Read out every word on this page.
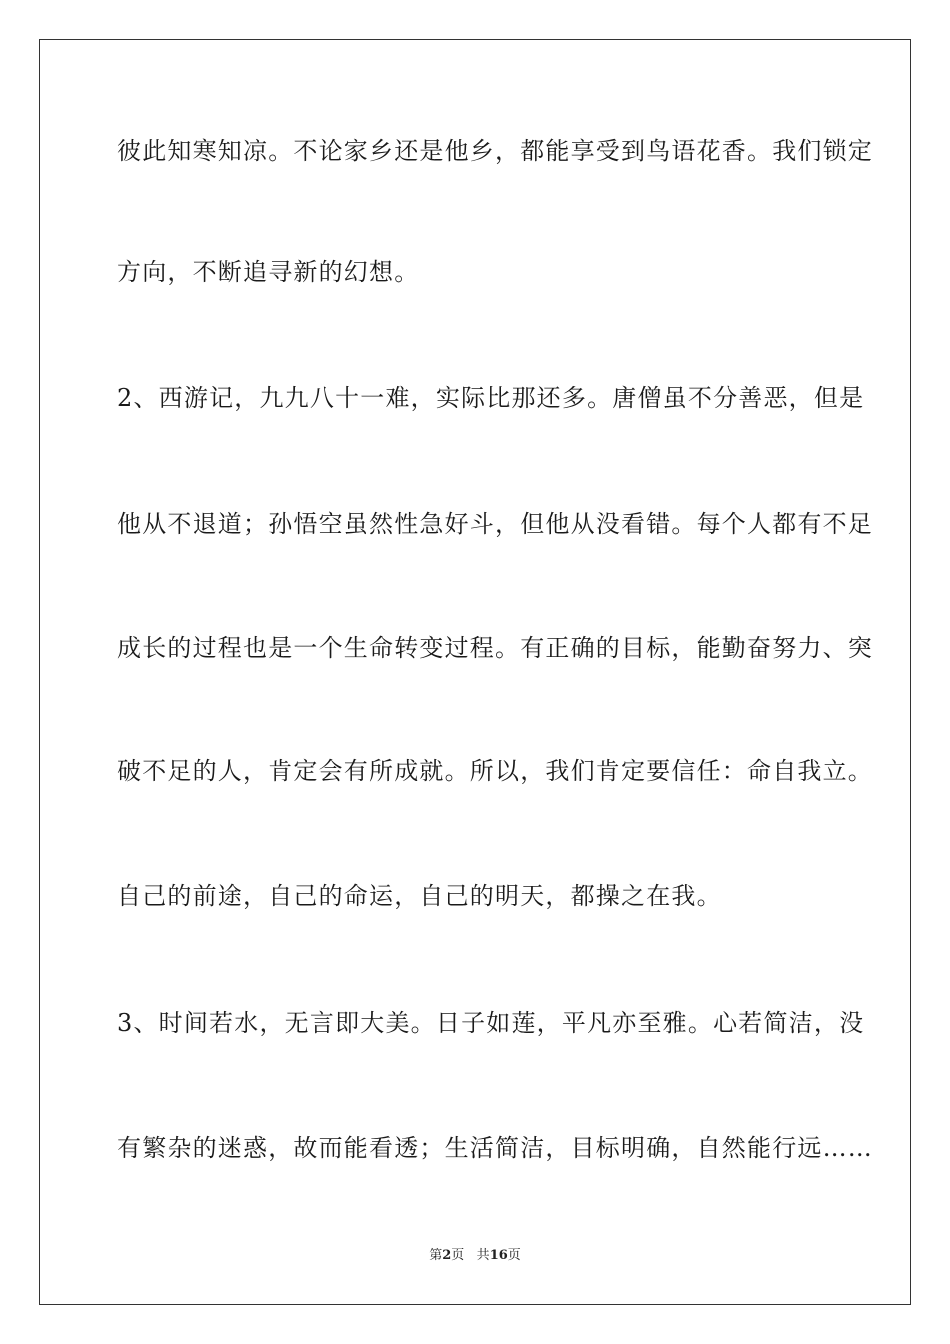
彼此知寒知凉。不论家乡还是他乡，都能享受到鸟语花香。我们锁定
方向，不断追寻新的幻想。
2、西游记，九九八十一难，实际比那还多。唐僧虽不分善恶，但是
他从不退道；孙悟空虽然性急好斗，但他从没看错。每个人都有不足
成长的过程也是一个生命转变过程。有正确的目标，能勤奋努力、突
破不足的人，肯定会有所成就。所以，我们肯定要信任：命自我立。
自己的前途，自己的命运，自己的明天，都操之在我。
3、时间若水，无言即大美。日子如莲，平凡亦至雅。心若简洁，没
有繁杂的迷惑，故而能看透；生活简洁，目标明确，自然能行远……
第2页 共16页
